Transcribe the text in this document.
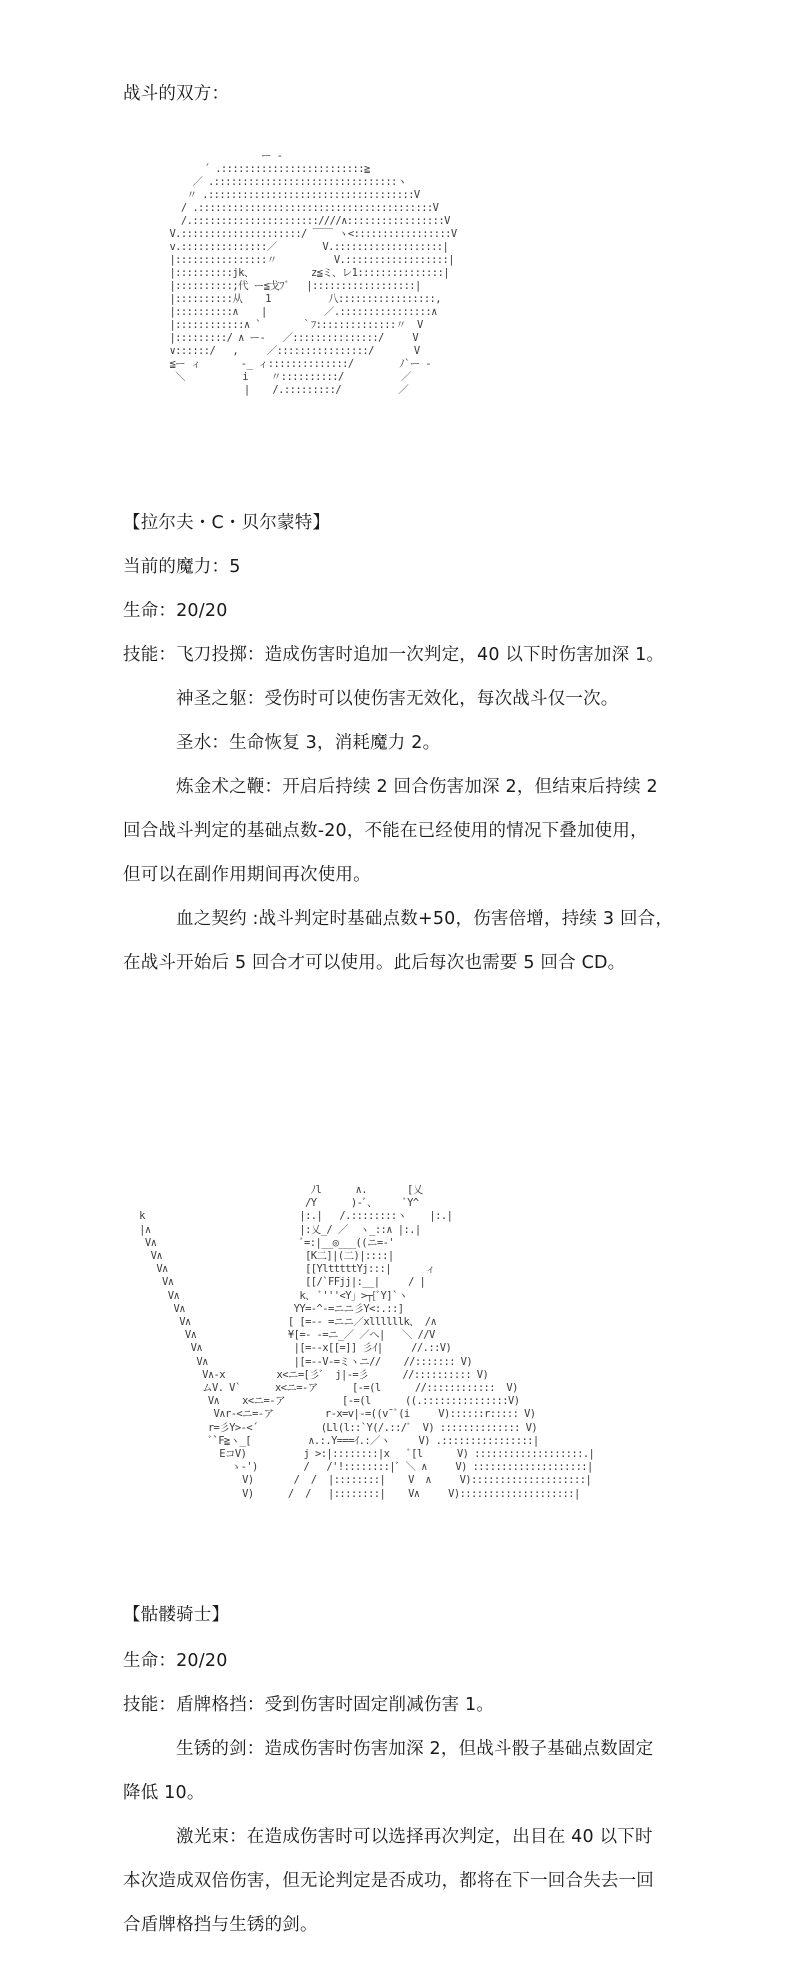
战斗的双方：
ー -
´ .:::::::::::::::::::::::::≧
／ .::::::::::::::::::::::::::::::::ヽ
〃 .::::::::::::::::::::::::::::::::::::V
/ .:::::::::::::::::::::::::::::::::::::::::V
/.::::::::::::::::::::::////∧:::::::::::::::::V
V.:::::::::::::::::::::/ ￣￣ ヽ<:::::::::::::::::V
v.:::::::::::::::／        V.:::::::::::::::::::|
|::::::::::::::::〃          V.::::::::::::::::::|
|::::::::::jk、          z≦ミ、レ1:::::::::::::::|
|::::::::::;代 ー≦戈ﾌﾞ   |::::::::::::::::::|
|::::::::::从    1          八:::::::::::::::::,
|::::::::::∧    |          ／.::::::::::::::::∧
|::::::::::::∧ `       ｀ﾌ::::::::::::::〃  V
|:::::::::/ ∧ ー‐   ／:::::::::::::::/     V
∨::::::/   ,     ／::::::::::::::::/       V
≦ー ィ       ‐_ ィ::::::::::::::/        ﾉ`ー -
＼          i    〃::::::::::/          ／
|    /.:::::::::/          ／
【拉尔夫・C・贝尔蒙特】
当前的魔力：5
生命：20/20
技能：飞刀投掷：造成伤害时追加一次判定，40 以下时伤害加深 1。
神圣之躯：受伤时可以使伤害无效化，每次战斗仅一次。
圣水：生命恢复 3，消耗魔力 2。
炼金术之鞭：开启后持续 2 回合伤害加深 2，但结束后持续 2
回合战斗判定的基础点数-20，不能在已经使用的情况下叠加使用，
但可以在副作用期间再次使用。
血之契约 :战斗判定时基础点数+50，伤害倍增，持续 3 回合，
在战斗开始后 5 回合才可以使用。此后每次也需要 5 回合 CD。
ﾉl      ∧.       [乂
/Y      )-ﾞ、     ﾞY^
k                           |:.|   /.::::::::ヽ    |:.|
|∧                          |:乂_/ ／  ヽ_::∧ |:.|
V∧                         ﾞ=:|__◎___((ニ=-'
V∧                         [K二]|(二)|::::|
V∧                        [[YltttttYj:::|      ィ
V∧                       [[/`FFjj|:__|     / |
V∧                     k、 ﾞ'''<Y」>┬[ﾞY]`ヽ
V∧                   YY=-^-=ニニ彡Y<:.::]
V∧                 [ [=-- =ニニ／xllllllk、 /∧
V∧                ¥[=- -=ニ_／ ／へ|   ＼ //V
V∧                |[=--x[[=]] 彡ｲ|     //.::V)
V∧               |[=--V-=ミヽニ//    //::::::: V)
V∧-x         x<ニ=[彡ﾞ  j|-=彡      //:::::::::: V)
ムV. V`      x<ニ=-ア      [-=(l      //::::::::::::  V)
V∧    x<ニ=-ア          [-=(l      ((.:::::::::::::::V)
V∧r-<ニ=-ア         r-x=v|-=((v¯ﾞ(i     V)::::::r::::: V)
r=彡Y>-<´           (Ll(l::`Y(/.::/ﾞ  V) :::::::::::::: V)
ﾞ`F≧ヽ_[          ∧.:.Y===ｲ.:／ヽ     V) .::::::::::::::::|
EコV)          j >:|::::::::|x   ﾞ[l      V) :::::::::::::::::::.|
ゝ-')        /   /'!::::::::|ﾞ ＼ ∧     V) ::::::::::::::::::::|
V)       /  /  |::::::::|    V  ∧     V)::::::::::::::::::::|
V)      /  /   |::::::::|    V∧     V)::::::::::::::::::::|
【骷髅骑士】
生命：20/20
技能：盾牌格挡：受到伤害时固定削减伤害 1。
生锈的剑：造成伤害时伤害加深 2，但战斗骰子基础点数固定
降低 10。
激光束：在造成伤害时可以选择再次判定，出目在 40 以下时
本次造成双倍伤害，但无论判定是否成功，都将在下一回合失去一回
合盾牌格挡与生锈的剑。
